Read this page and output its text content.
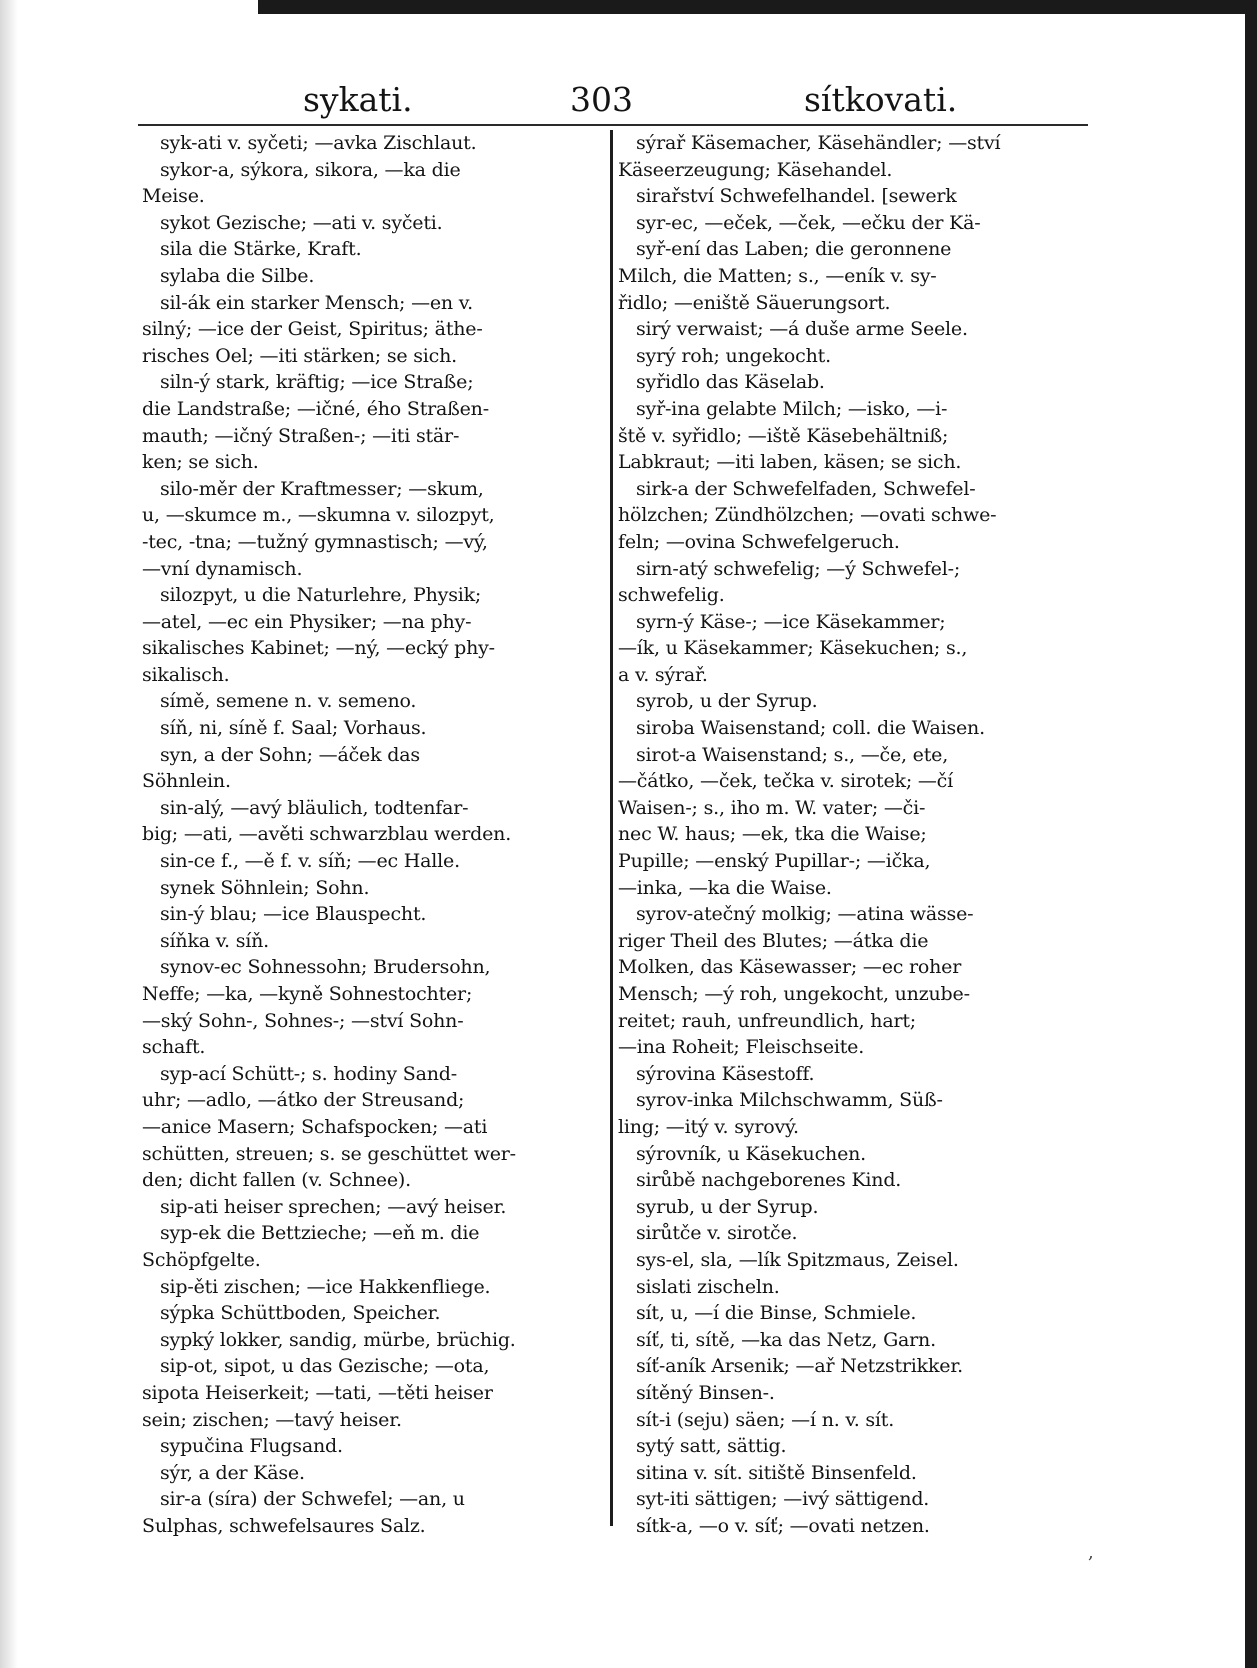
sykati.	303	sítkovati.
syk-ati v. syčeti; —avka Zischlaut.
sykor-a, sýkora, sikora, —ka die
Meise.
sykot Gezische; —ati v. syčeti.
sila die Stärke, Kraft.
sylaba die Silbe.
sil-ák ein starker Mensch; —en v.
silný; —ice der Geist, Spiritus; äthe-
risches Oel; —iti stärken; se sich.
siln-ý stark, kräftig; —ice Straße;
die Landstraße; —ičné, ého Straßen-
mauth; —ičný Straßen-; —iti stär-
ken; se sich.
silo-měr der Kraftmesser; —skum,
u, —skumce m., —skumna v. silozpyt,
-tec, -tna; —tužný gymnastisch; —vý,
—vní dynamisch.
silozpyt, u die Naturlehre, Physik;
—atel, —ec ein Physiker; —na phy-
sikalisches Kabinet; —ný, —ecký phy-
sikalisch.
símě, semene n. v. semeno.
síň, ni, síně f. Saal; Vorhaus.
syn, a der Sohn; —áček das
Söhnlein.
sin-alý, —avý bläulich, todtenfar-
big; —ati, —avěti schwarzblau werden.
sin-ce f., —ě f. v. síň; —ec Halle.
synek Söhnlein; Sohn.
sin-ý blau; —ice Blauspecht.
síňka v. síň.
synov-ec Sohnessohn; Brudersohn,
Neffe; —ka, —kyně Sohnestochter;
—ský Sohn-, Sohnes-; —ství Sohn-
schaft.
syp-ací Schütt-; s. hodiny Sand-
uhr; —adlo, —átko der Streusand;
—anice Masern; Schafspocken; —ati
schütten, streuen; s. se geschüttet wer-
den; dicht fallen (v. Schnee).
sip-ati heiser sprechen; —avý heiser.
syp-ek die Bettzieche; —eň m. die
Schöpfgelte.
sip-ěti zischen; —ice Hakkenfliege.
sýpka Schüttboden, Speicher.
sypký lokker, sandig, mürbe, brüchig.
sip-ot, sipot, u das Gezische; —ota,
sipota Heiserkeit; —tati, —těti heiser
sein; zischen; —tavý heiser.
sypučina Flugsand.
sýr, a der Käse.
sir-a (síra) der Schwefel; —an, u
Sulphas, schwefelsaures Salz.
sýrař Käsemacher, Käsehändler; —ství
Käseerzeugung; Käsehandel.
sirařství Schwefelhandel. [sewerk
syr-ec, —eček, —ček, —ečku der Kä-
syř-ení das Laben; die geronnene
Milch, die Matten; s., —eník v. sy-
řidlo; —eniště Säuerungsort.
sirý verwaist; —á duše arme Seele.
syrý roh; ungekocht.
syřidlo das Käselab.
syř-ina gelabte Milch; —isko, —i-
ště v. syřidlo; —iště Käsebehältniß;
Labkraut; —iti laben, käsen; se sich.
sirk-a der Schwefelfaden, Schwefel-
hölzchen; Zündhölzchen; —ovati schwe-
feln; —ovina Schwefelgeruch.
sirn-atý schwefelig; —ý Schwefel-;
schwefelig.
syrn-ý Käse-; —ice Käsekammer;
—ík, u Käsekammer; Käsekuchen; s.,
a v. sýrař.
syrob, u der Syrup.
siroba Waisenstand; coll. die Waisen.
sirot-a Waisenstand; s., —če, ete,
—čátko, —ček, tečka v. sirotek; —čí
Waisen-; s., iho m. W. vater; —či-
nec W. haus; —ek, tka die Waise;
Pupille; —enský Pupillar-; —ička,
—inka, —ka die Waise.
syrov-atečný molkig; —atina wässe-
riger Theil des Blutes; —átka die
Molken, das Käsewasser; —ec roher
Mensch; —ý roh, ungekocht, unzube-
reitet; rauh, unfreundlich, hart;
—ina Roheit; Fleischseite.
sýrovina Käsestoff.
syrov-inka Milchschwamm, Süß-
ling; —itý v. syrový.
sýrovník, u Käsekuchen.
sirůbě nachgeborenes Kind.
syrub, u der Syrup.
sirůtče v. sirotče.
sys-el, sla, —lík Spitzmaus, Zeisel.
sislati zischeln.
sít, u, —í die Binse, Schmiele.
síť, ti, sítě, —ka das Netz, Garn.
síť-aník Arsenik; —ař Netzstrikker.
sítěný Binsen-.
sít-i (seju) säen; —í n. v. sít.
sytý satt, sättig.
sitina v. sít. sitiště Binsenfeld.
syt-iti sättigen; —ivý sättigend.
sítk-a, —o v. síť; —ovati netzen.
,
